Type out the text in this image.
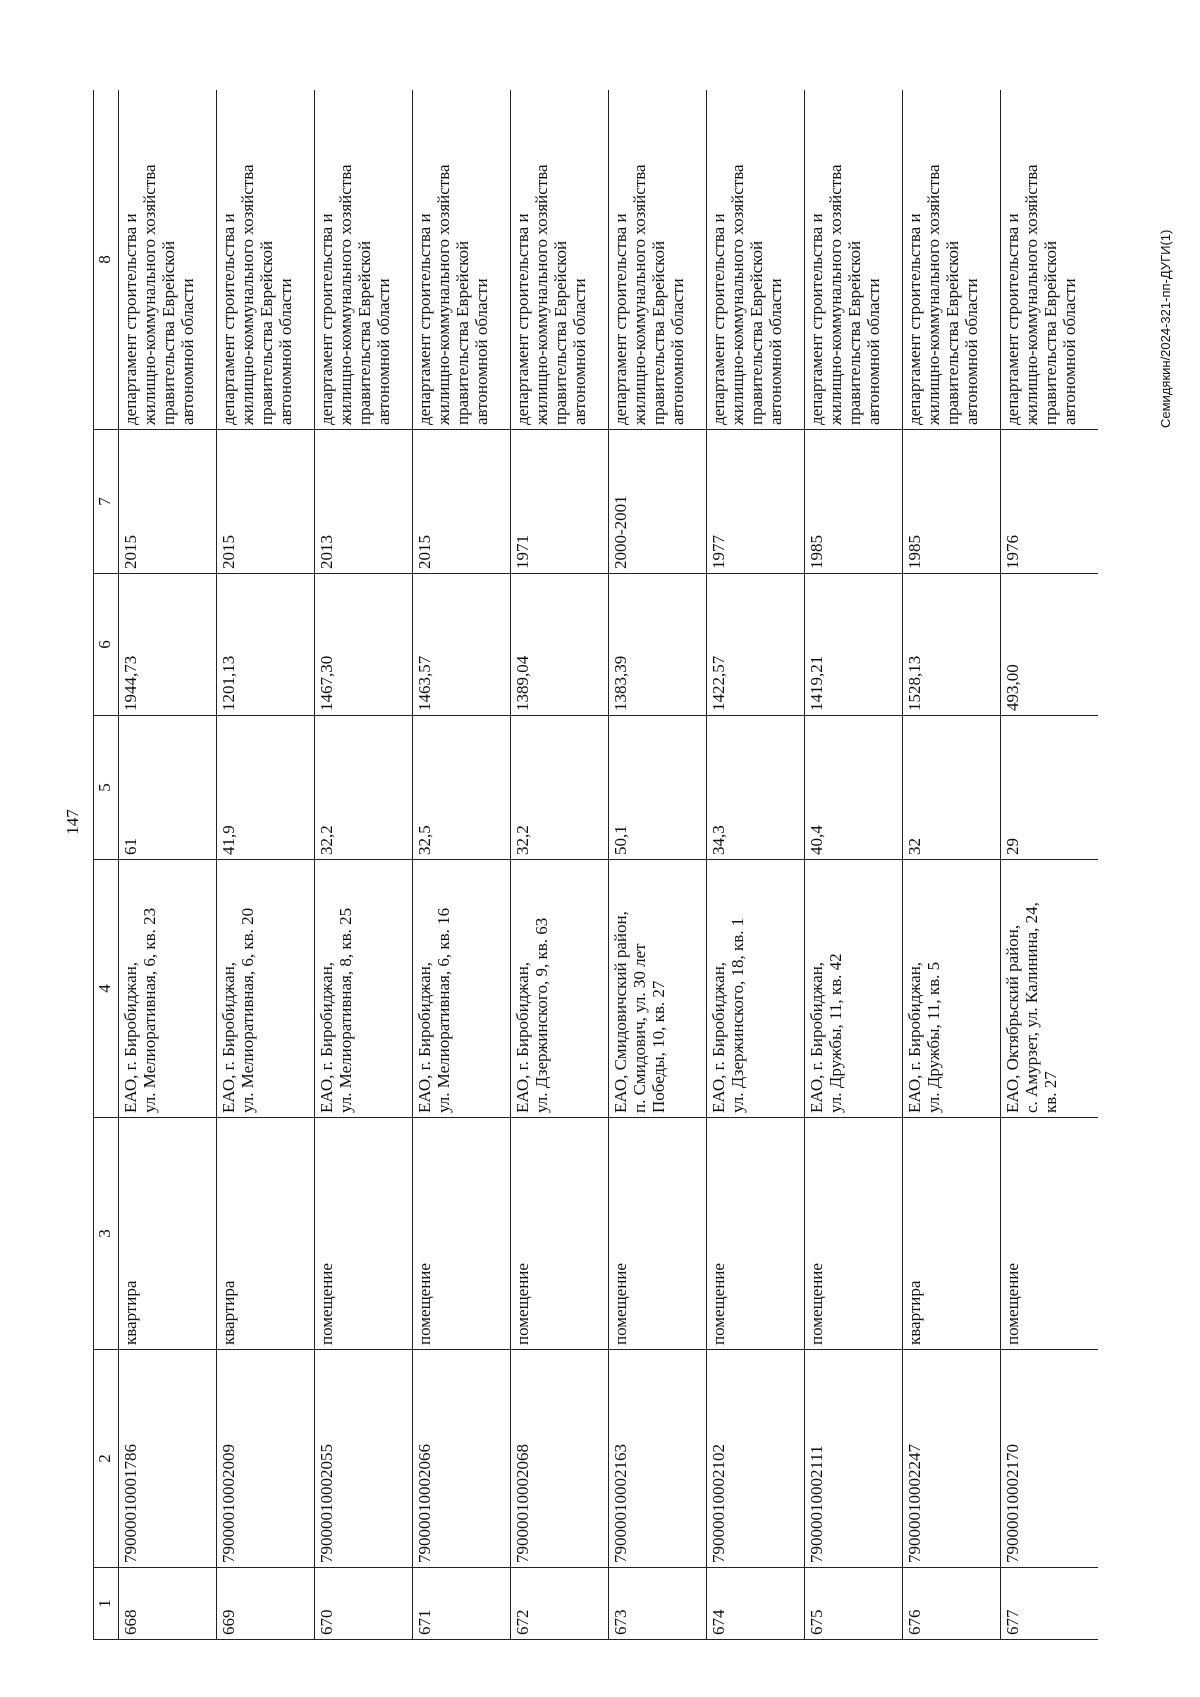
147
1	2	3	4	5	6	7	8
668	79000010001786	квартира	ЕАО, г. Биробиджан, ул. Мелиоративная, 6, кв. 23	61	1944,73	2015	департамент строительства и жилищно-коммунального хозяйства правительства Еврейской автономной области

669	79000010002009	квартира	ЕАО, г. Биробиджан, ул. Мелиоративная, 6, кв. 20	41,9	1201,13	2015	департамент строительства и жилищно-коммунального хозяйства правительства Еврейской автономной области

670	79000010002055	помещение	ЕАО, г. Биробиджан, ул. Мелиоративная, 8, кв. 25	32,2	1467,30	2013	департамент строительства и жилищно-коммунального хозяйства правительства Еврейской автономной области

671	79000010002066	помещение	ЕАО, г. Биробиджан, ул. Мелиоративная, 6, кв. 16	32,5	1463,57	2015	департамент строительства и жилищно-коммунального хозяйства правительства Еврейской автономной области

672	79000010002068	помещение	ЕАО, г. Биробиджан, ул. Дзержинского, 9, кв. 63	32,2	1389,04	1971	департамент строительства и жилищно-коммунального хозяйства правительства Еврейской автономной области

673	79000010002163	помещение	ЕАО, Смидовичский район, п. Смидович, ул. 30 лет Победы, 10, кв. 27	50,1	1383,39	2000-2001	департамент строительства и жилищно-коммунального хозяйства правительства Еврейской автономной области

674	79000010002102	помещение	ЕАО, г. Биробиджан, ул. Дзержинского, 18, кв. 1	34,3	1422,57	1977	департамент строительства и жилищно-коммунального хозяйства правительства Еврейской автономной области

675	79000010002111	помещение	ЕАО, г. Биробиджан, ул. Дружбы, 11, кв. 42	40,4	1419,21	1985	департамент строительства и жилищно-коммунального хозяйства правительства Еврейской автономной области

676	79000010002247	квартира	ЕАО, г. Биробиджан, ул. Дружбы, 11, кв. 5	32	1528,13	1985	департамент строительства и жилищно-коммунального хозяйства правительства Еврейской автономной области

677	79000010002170	помещение	ЕАО, Октябрьский район, с. Амурзет, ул. Калинина, 24, кв. 27	29	493,00	1976	департамент строительства и жилищно-коммунального хозяйства правительства Еврейской автономной области	Семидякин/2024-321-пп-ДУГИ(1)
